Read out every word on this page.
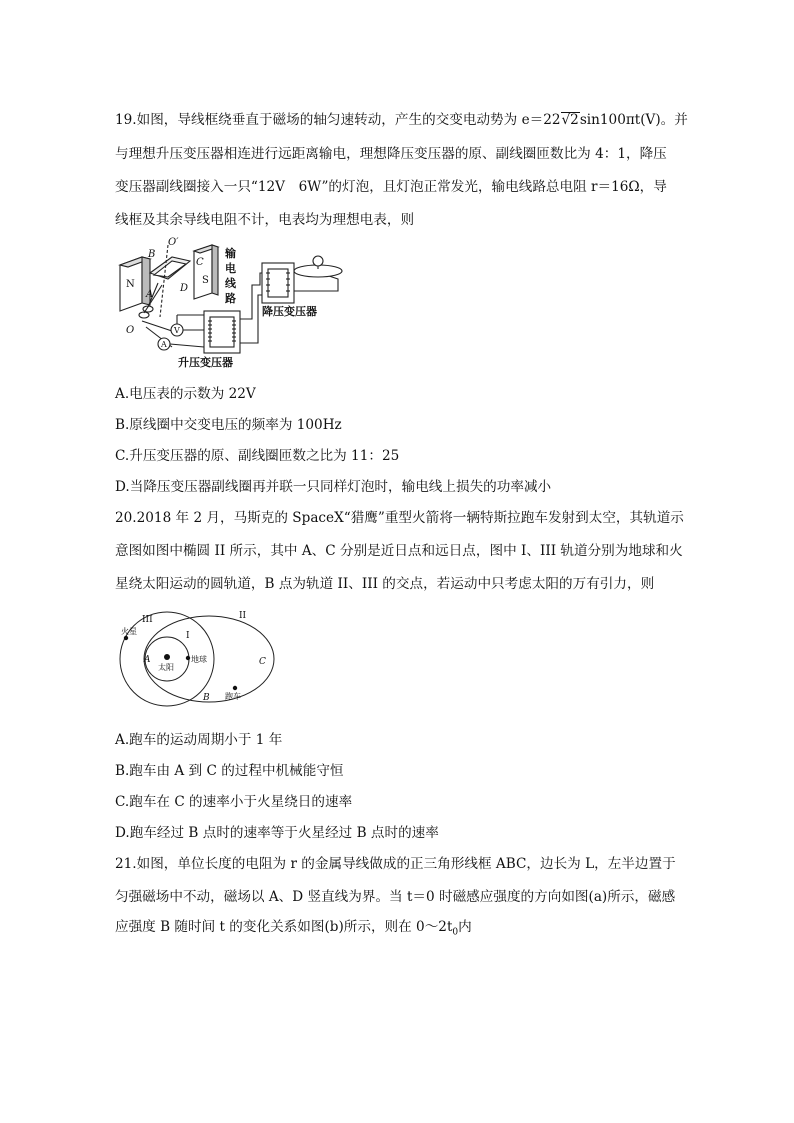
19.如图，导线框绕垂直于磁场的轴匀速转动，产生的交变电动势为 e＝22√2sin100πt(V)。并
与理想升压变压器相连进行远距离输电，理想降压变压器的原、副线圈匝数比为 4：1，降压
变压器副线圈接入一只“12V　6W”的灯泡，且灯泡正常发光，输电线路总电阻 r＝16Ω，导
线框及其余导线电阻不计，电表均为理想电表，则
N	S
B
C
A
D
O′
O	V
A
输
电
线
路
降压变压器
升压变压器
A.电压表的示数为 22V
B.原线圈中交变电压的频率为 100Hz
C.升压变压器的原、副线圈匝数之比为 11：25
D.当降压变压器副线圈再并联一只同样灯泡时，输电线上损失的功率减小
20.2018 年 2 月，马斯克的 SpaceX“猎鹰”重型火箭将一辆特斯拉跑车发射到太空，其轨道示
意图如图中椭圆 II 所示，其中 A、C 分别是近日点和远日点，图中 I、III 轨道分别为地球和火
星绕太阳运动的圆轨道，B 点为轨道 II、III 的交点，若运动中只考虑太阳的万有引力，则
III
I
II
A
B
C
火星
太阳
地球
跑车
A.跑车的运动周期小于 1 年
B.跑车由 A 到 C 的过程中机械能守恒
C.跑车在 C 的速率小于火星绕日的速率
D.跑车经过 B 点时的速率等于火星经过 B 点时的速率
21.如图，单位长度的电阻为 r 的金属导线做成的正三角形线框 ABC，边长为 L，左半边置于
匀强磁场中不动，磁场以 A、D 竖直线为界。当 t＝0 时磁感应强度的方向如图(a)所示，磁感
应强度 B 随时间 t 的变化关系如图(b)所示，则在 $0\sim 2t_0$内
